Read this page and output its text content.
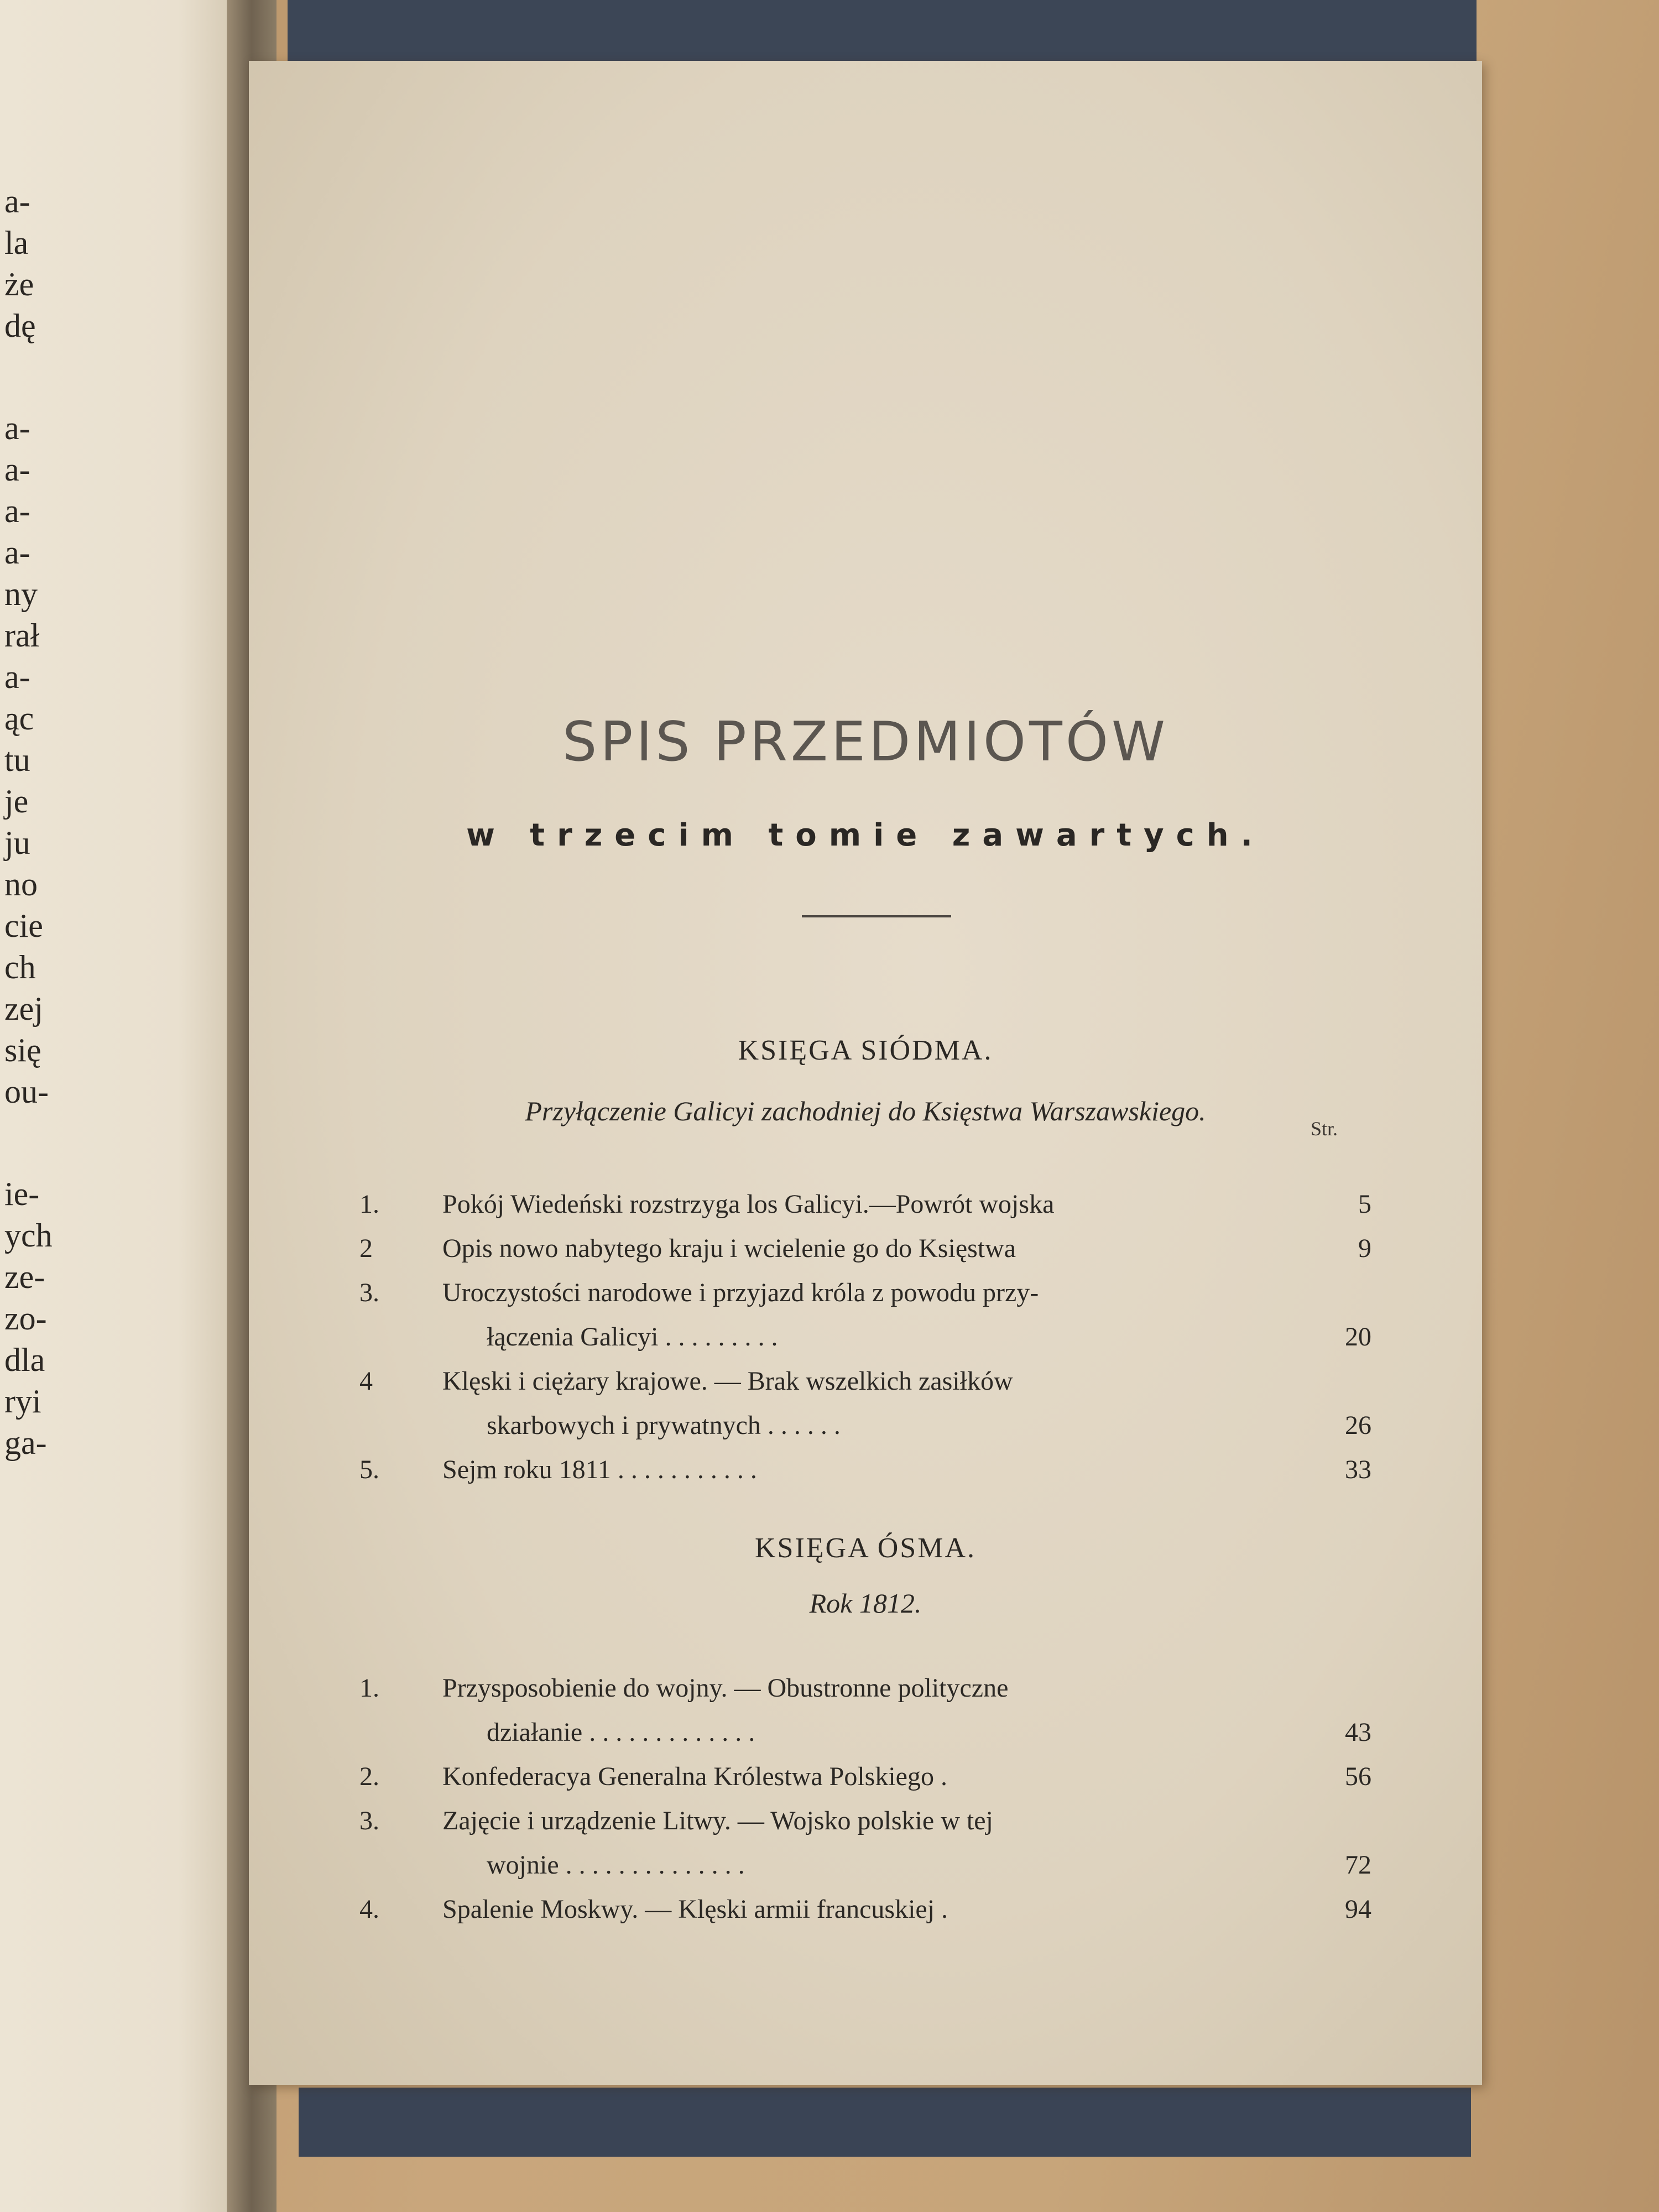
a-
la
że
dę
a-
a-
a-
a-
ny
rał
a-
ąc
tu
je
ju
no
cie
ch
zej
się
ou-
ie-
ych
ze-
zo-
dla
ryi
ga-
SPIS PRZEDMIOTÓW
w trzecim tomie zawartych.
KSIĘGA SIÓDMA.
Przyłączenie Galicyi zachodniej do Księstwa Warszawskiego.
Str.
1. Pokój Wiedeński rozstrzyga los Galicyi.—Powrót wojska	5
2	Opis nowo nabytego kraju i wcielenie go do Księstwa	9
3. Uroczystości narodowe i przyjazd króla z powodu przy-
łączenia Galicyi . . . . . . . . .	20
4	Klęski i ciężary krajowe. — Brak wszelkich zasiłków
skarbowych i prywatnych . . . . . .	26
5. Sejm roku 1811 . . . . . . . . . . .	33
KSIĘGA ÓSMA.
Rok 1812.
1. Przysposobienie do wojny. — Obustronne polityczne
działanie . . . . . . . . . . . . .	43
2. Konfederacya Generalna Królestwa Polskiego .	56
3. Zajęcie i urządzenie Litwy. — Wojsko polskie w tej
wojnie . . . . . . . . . . . . . .	72
4. Spalenie Moskwy. — Klęski armii francuskiej .	94
